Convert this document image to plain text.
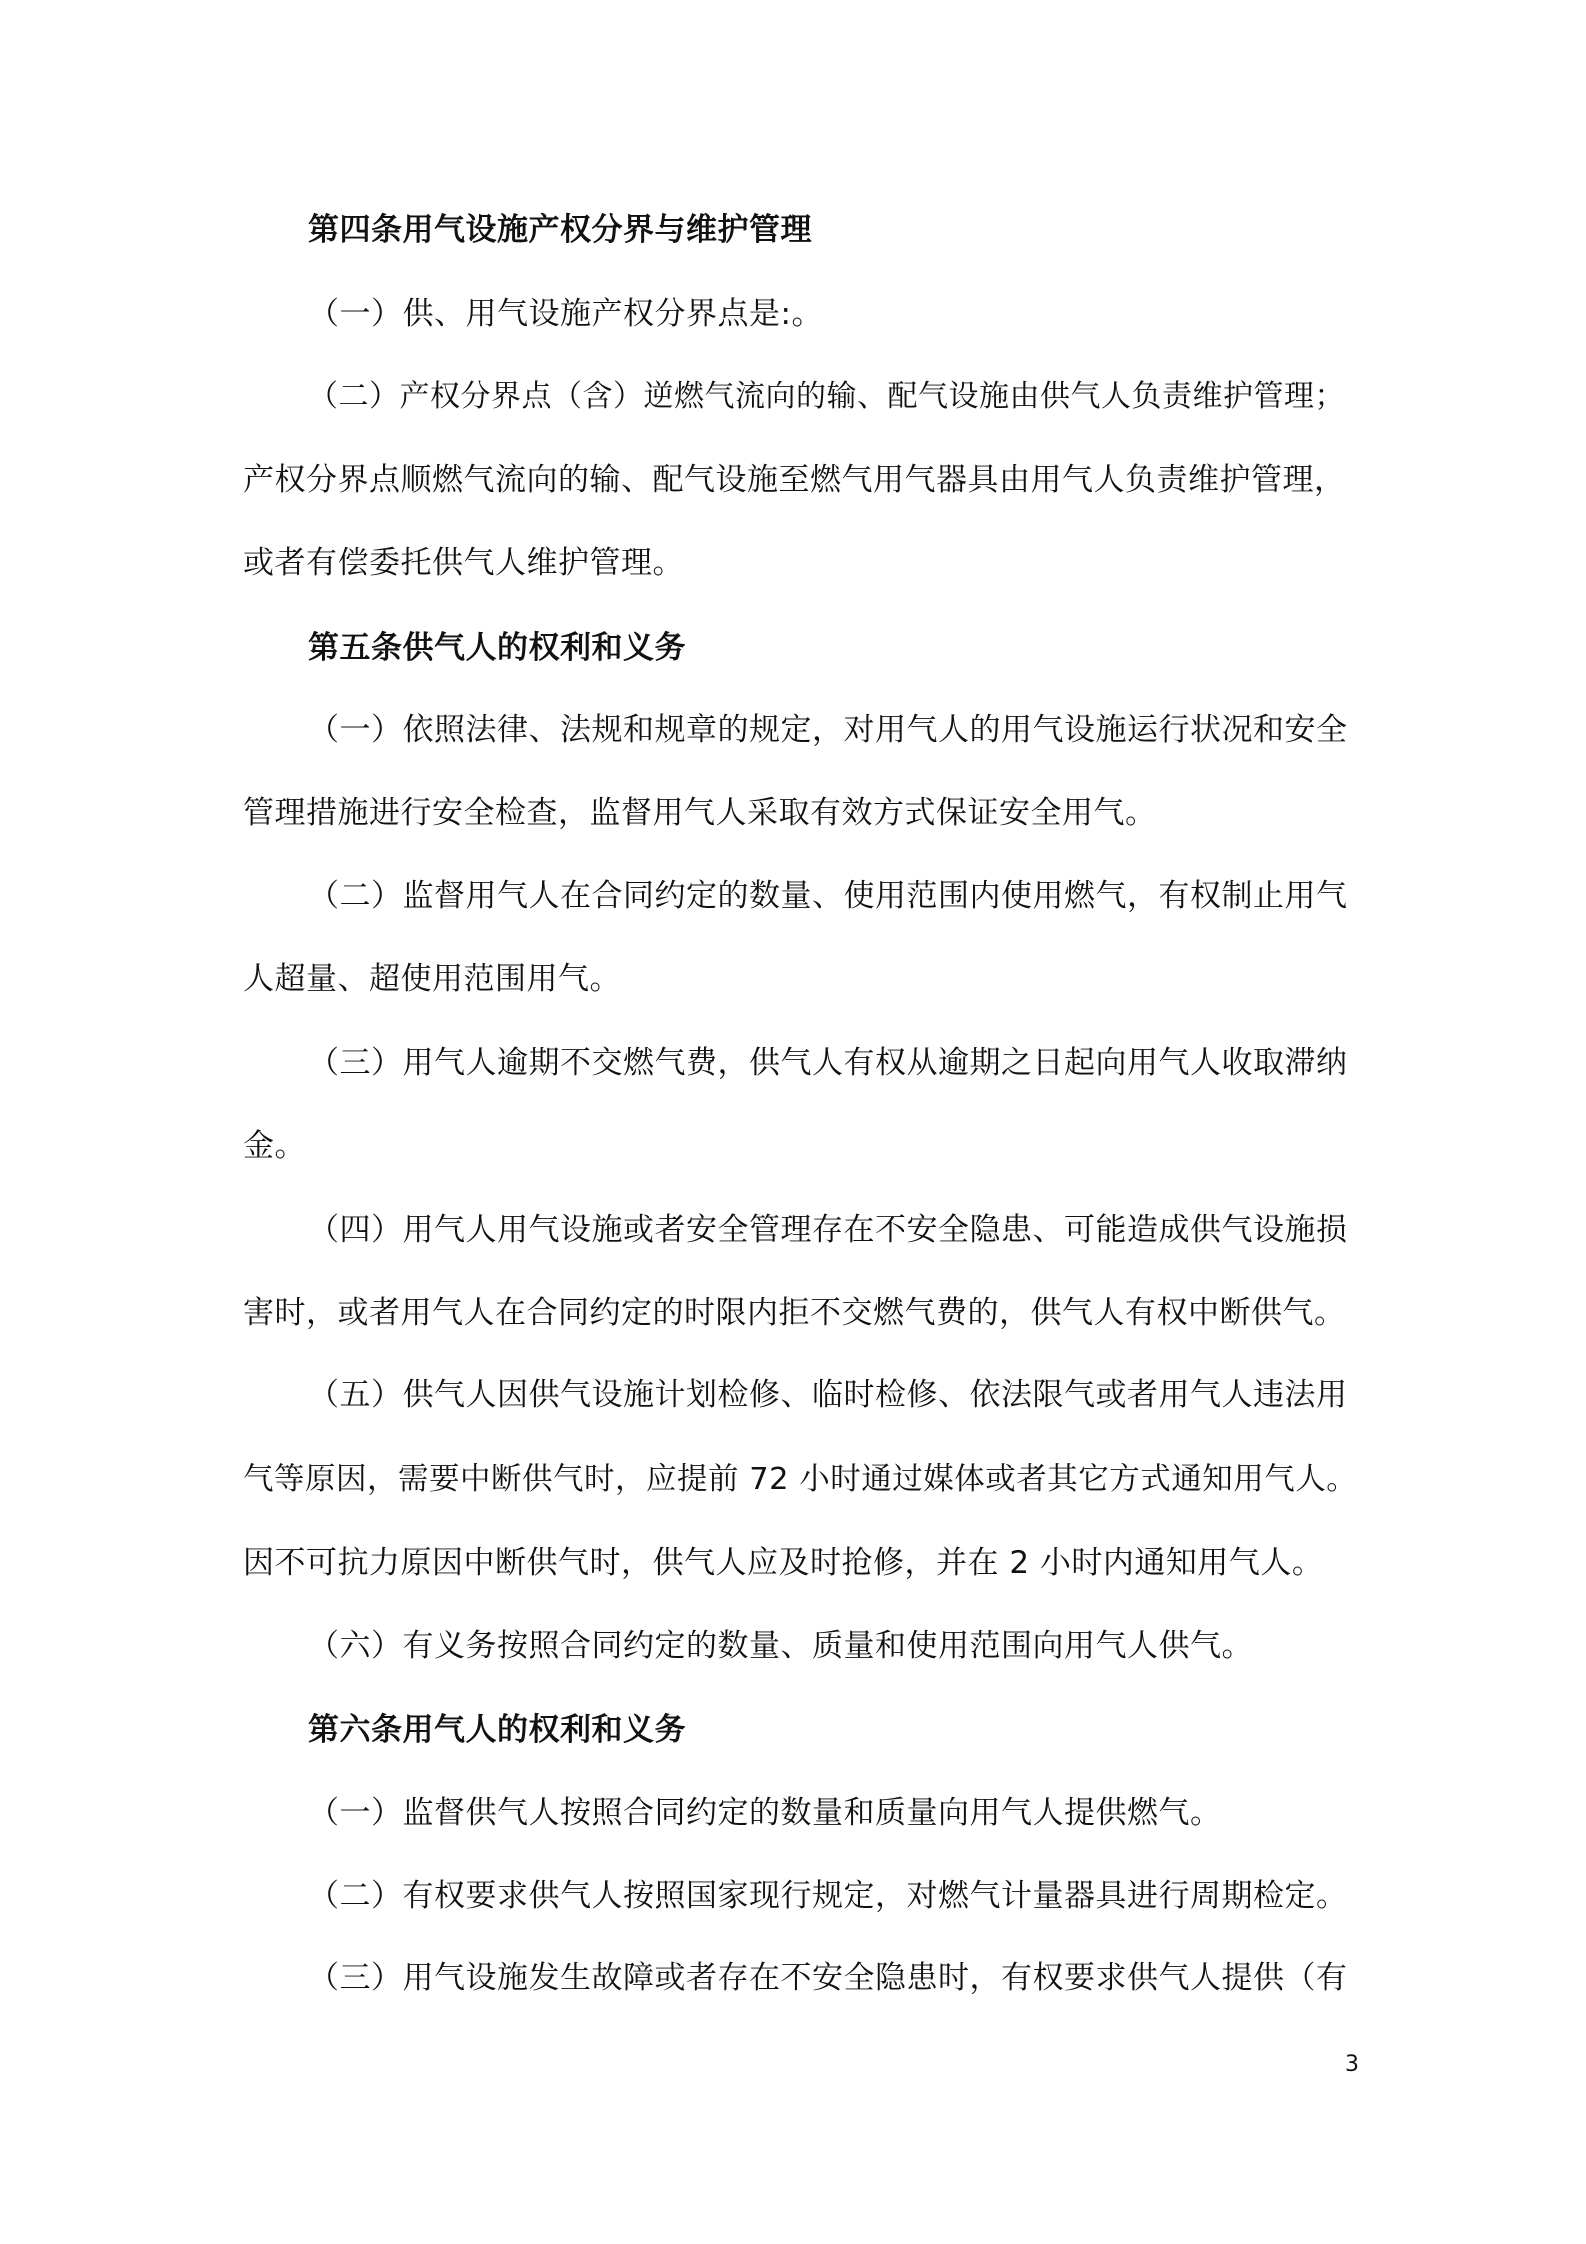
第四条用气设施产权分界与维护管理
（一）供、用气设施产权分界点是:。
（二）产权分界点（含）逆燃气流向的输、配气设施由供气人负责维护管理；
产权分界点顺燃气流向的输、配气设施至燃气用气器具由用气人负责维护管理，
或者有偿委托供气人维护管理。
第五条供气人的权利和义务
（一）依照法律、法规和规章的规定，对用气人的用气设施运行状况和安全
管理措施进行安全检查，监督用气人采取有效方式保证安全用气。
（二）监督用气人在合同约定的数量、使用范围内使用燃气，有权制止用气
人超量、超使用范围用气。
（三）用气人逾期不交燃气费，供气人有权从逾期之日起向用气人收取滞纳
金。
（四）用气人用气设施或者安全管理存在不安全隐患、可能造成供气设施损
害时，或者用气人在合同约定的时限内拒不交燃气费的，供气人有权中断供气。
（五）供气人因供气设施计划检修、临时检修、依法限气或者用气人违法用
气等原因，需要中断供气时，应提前 72 小时通过媒体或者其它方式通知用气人。
因不可抗力原因中断供气时，供气人应及时抢修，并在 2 小时内通知用气人。
（六）有义务按照合同约定的数量、质量和使用范围向用气人供气。
第六条用气人的权利和义务
（一）监督供气人按照合同约定的数量和质量向用气人提供燃气。
（二）有权要求供气人按照国家现行规定，对燃气计量器具进行周期检定。
（三）用气设施发生故障或者存在不安全隐患时，有权要求供气人提供（有
3
